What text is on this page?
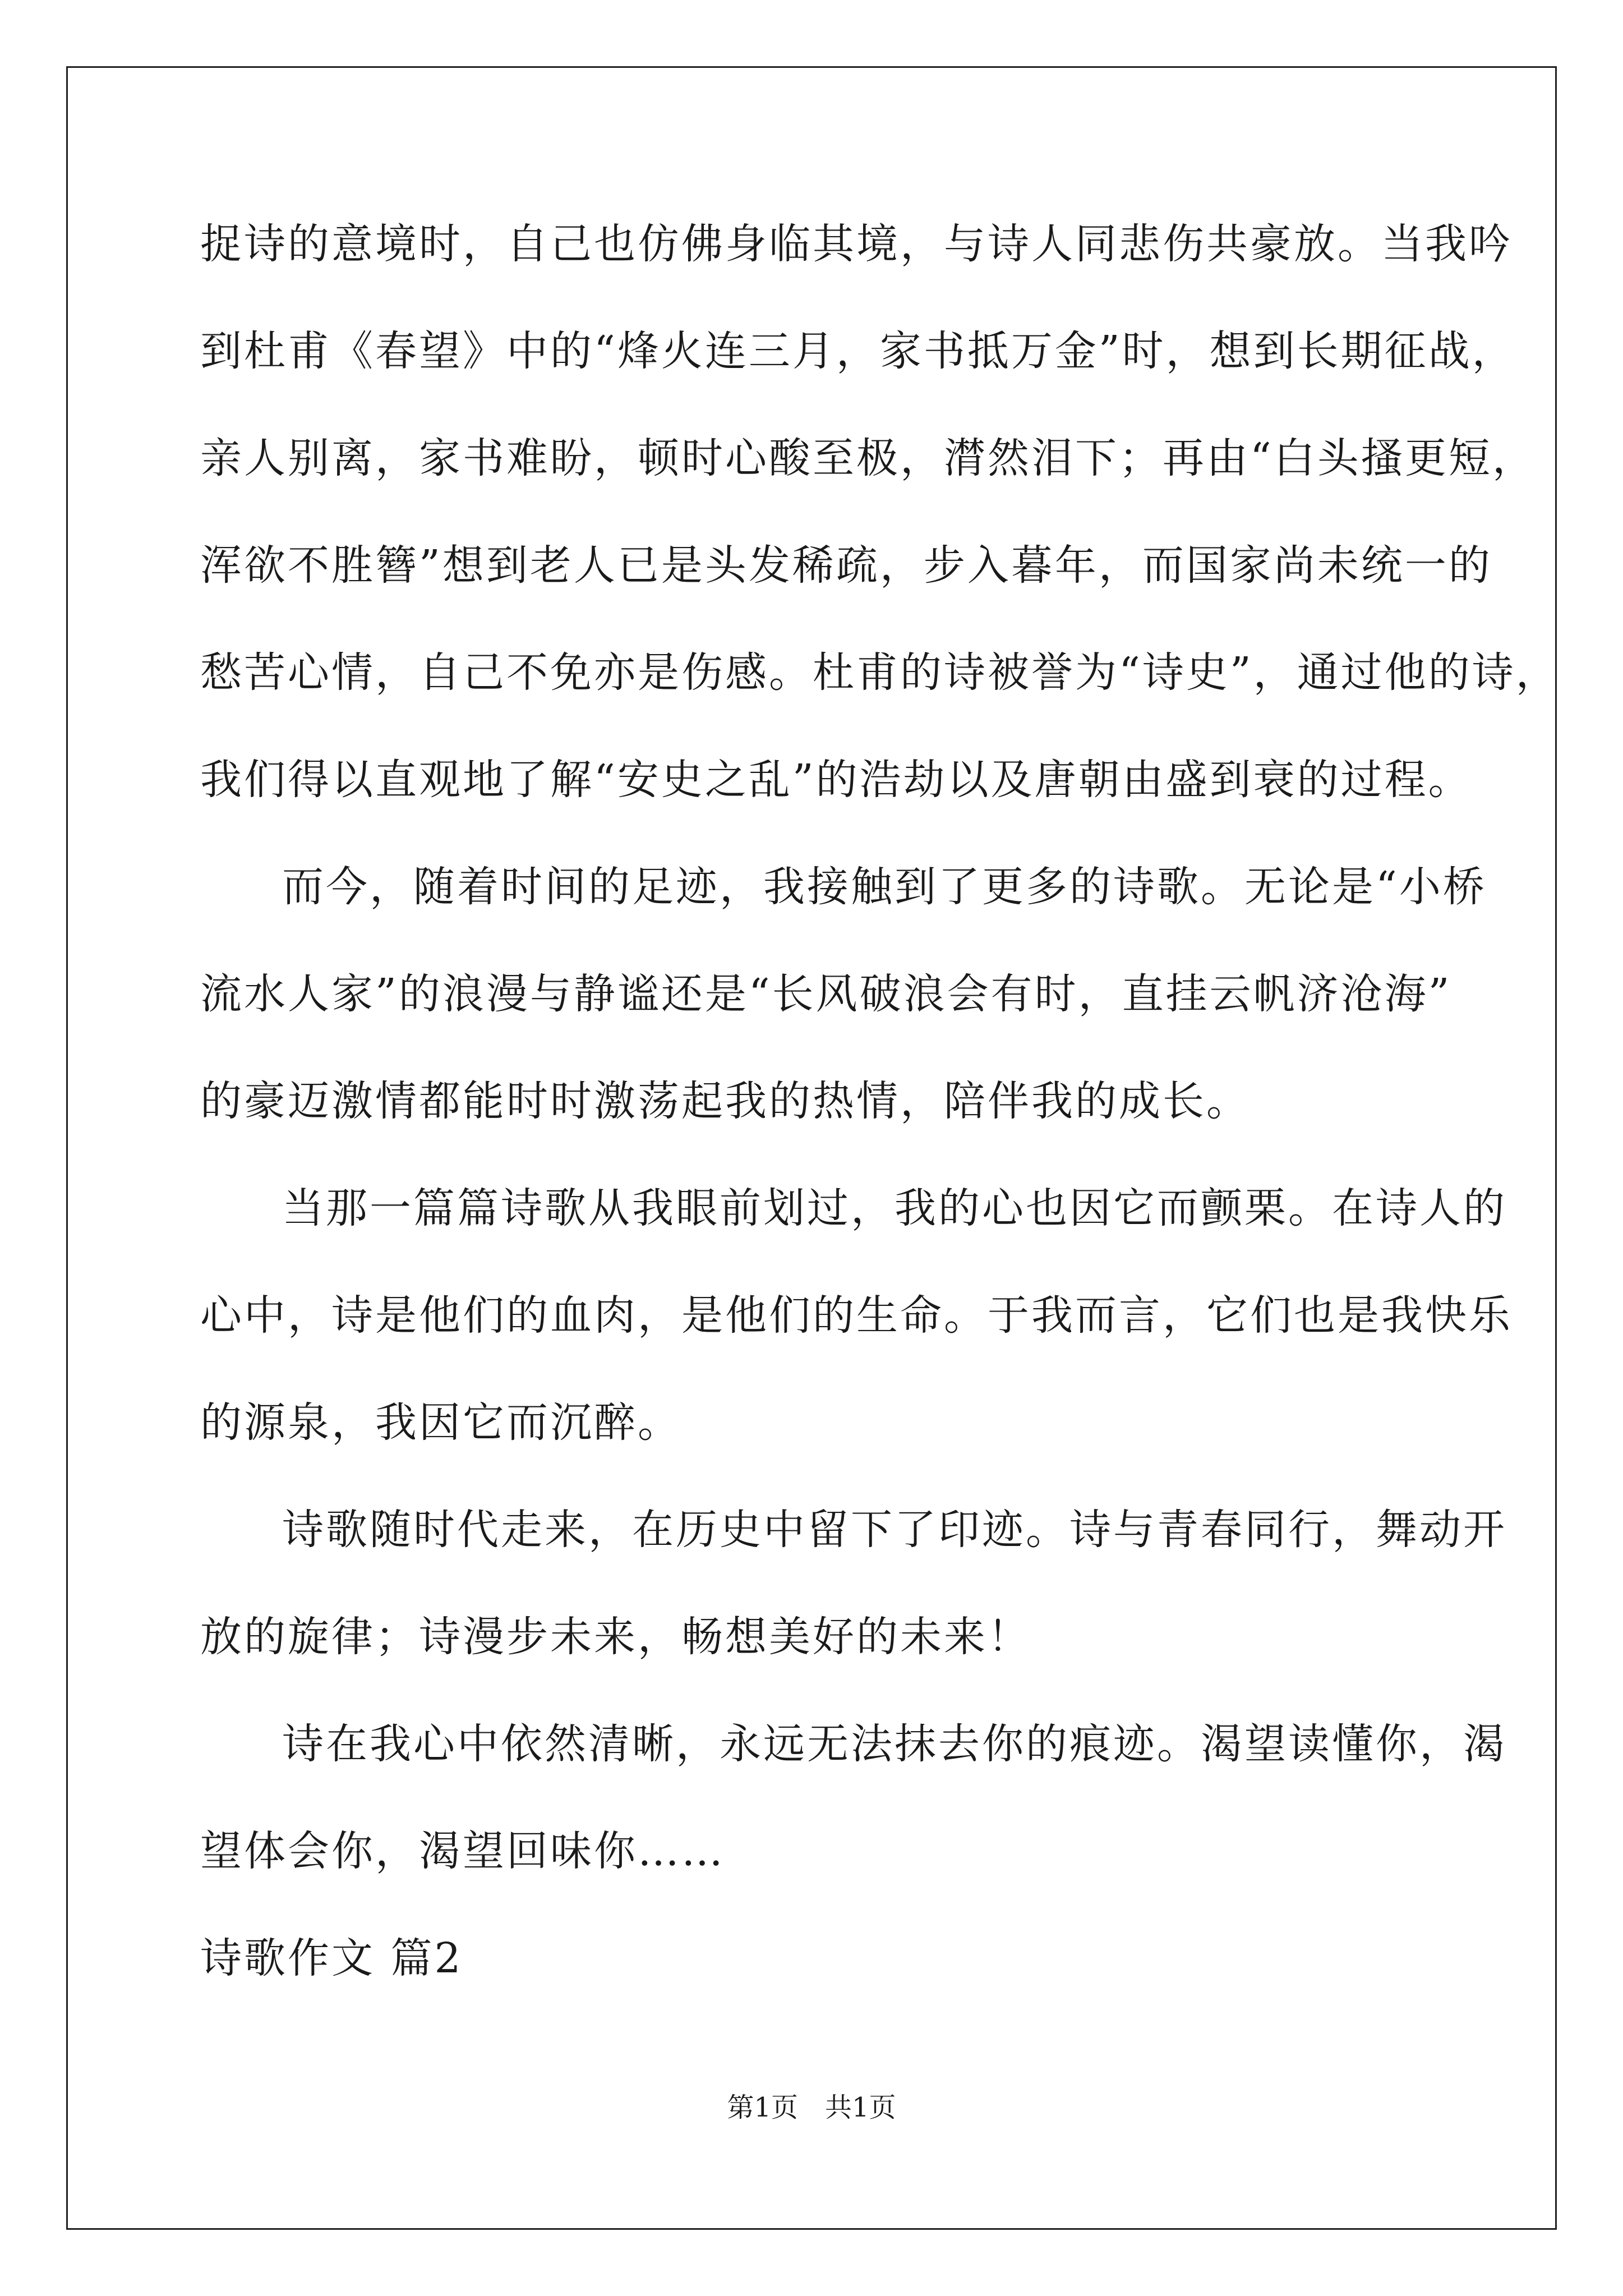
捉诗的意境时，自己也仿佛身临其境，与诗人同悲伤共豪放。当我吟
到杜甫《春望》中的“烽火连三月，家书抵万金”时，想到长期征战，
亲人别离，家书难盼，顿时心酸至极，潸然泪下；再由“白头搔更短，
浑欲不胜簪”想到老人已是头发稀疏，步入暮年，而国家尚未统一的
愁苦心情，自己不免亦是伤感。杜甫的诗被誉为“诗史”，通过他的诗，
我们得以直观地了解“安史之乱”的浩劫以及唐朝由盛到衰的过程。
而今，随着时间的足迹，我接触到了更多的诗歌。无论是“小桥
流水人家”的浪漫与静谧还是“长风破浪会有时，直挂云帆济沧海”
的豪迈激情都能时时激荡起我的热情，陪伴我的成长。
当那一篇篇诗歌从我眼前划过，我的心也因它而颤栗。在诗人的
心中，诗是他们的血肉，是他们的生命。于我而言，它们也是我快乐
的源泉，我因它而沉醉。
诗歌随时代走来，在历史中留下了印迹。诗与青春同行，舞动开
放的旋律；诗漫步未来，畅想美好的未来！
诗在我心中依然清晰，永远无法抹去你的痕迹。渴望读懂你，渴
望体会你，渴望回味你……
诗歌作文 篇2
第1页 共1页
